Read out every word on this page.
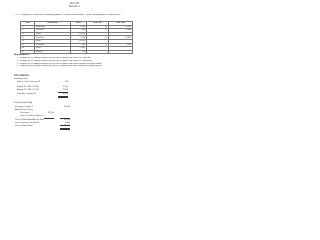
ACC 102
Exercise 1
1. XYZ Company is a distributor of plumbing goods. The data for the product "Pipe A" during August is shown below:
Date	Transaction	Units	Unit Cost	Total Cost
1	Beginning	1,000	10	10,000
5	Purchase	800	11	8,800
12	Sales	(1,200)		
17	Purchase	1,500	12	18,000
21	Sales	(1,300)		
25	Purchase	400	13	5,200
30	Sales	(500)		
31	Ending	700		
Requirements:
1. Compute for (a) ending inventory and (b) cost of goods sold under FIFO periodic.
2. Compute for (a) ending inventory and (b) cost of goods sold under FIFO perpetual.
3. Compute for (a) ending inventory and (b) cost of goods sold under weighted average periodic.
4. Compute for (a) ending inventory and (b) cost of goods sold under moving average perpetual.
FIFO PERIODIC
Inventory, End
Units on hand, January 31	700
August 25 ( 400 x 13.00)	5,200
August 17 ( 300 x 12.00)	3,600
Inventory, January 31	8,800
Cost of Goods Sold
Inventory, January 1	10,000
Add: Net Purchases
Purchases	32,000
Cost of Purchase Returns
Cost of Goods Available for Sale	42,000
Less: Inventory, January 31	8,800
Cost of Goods Sold	33,200
